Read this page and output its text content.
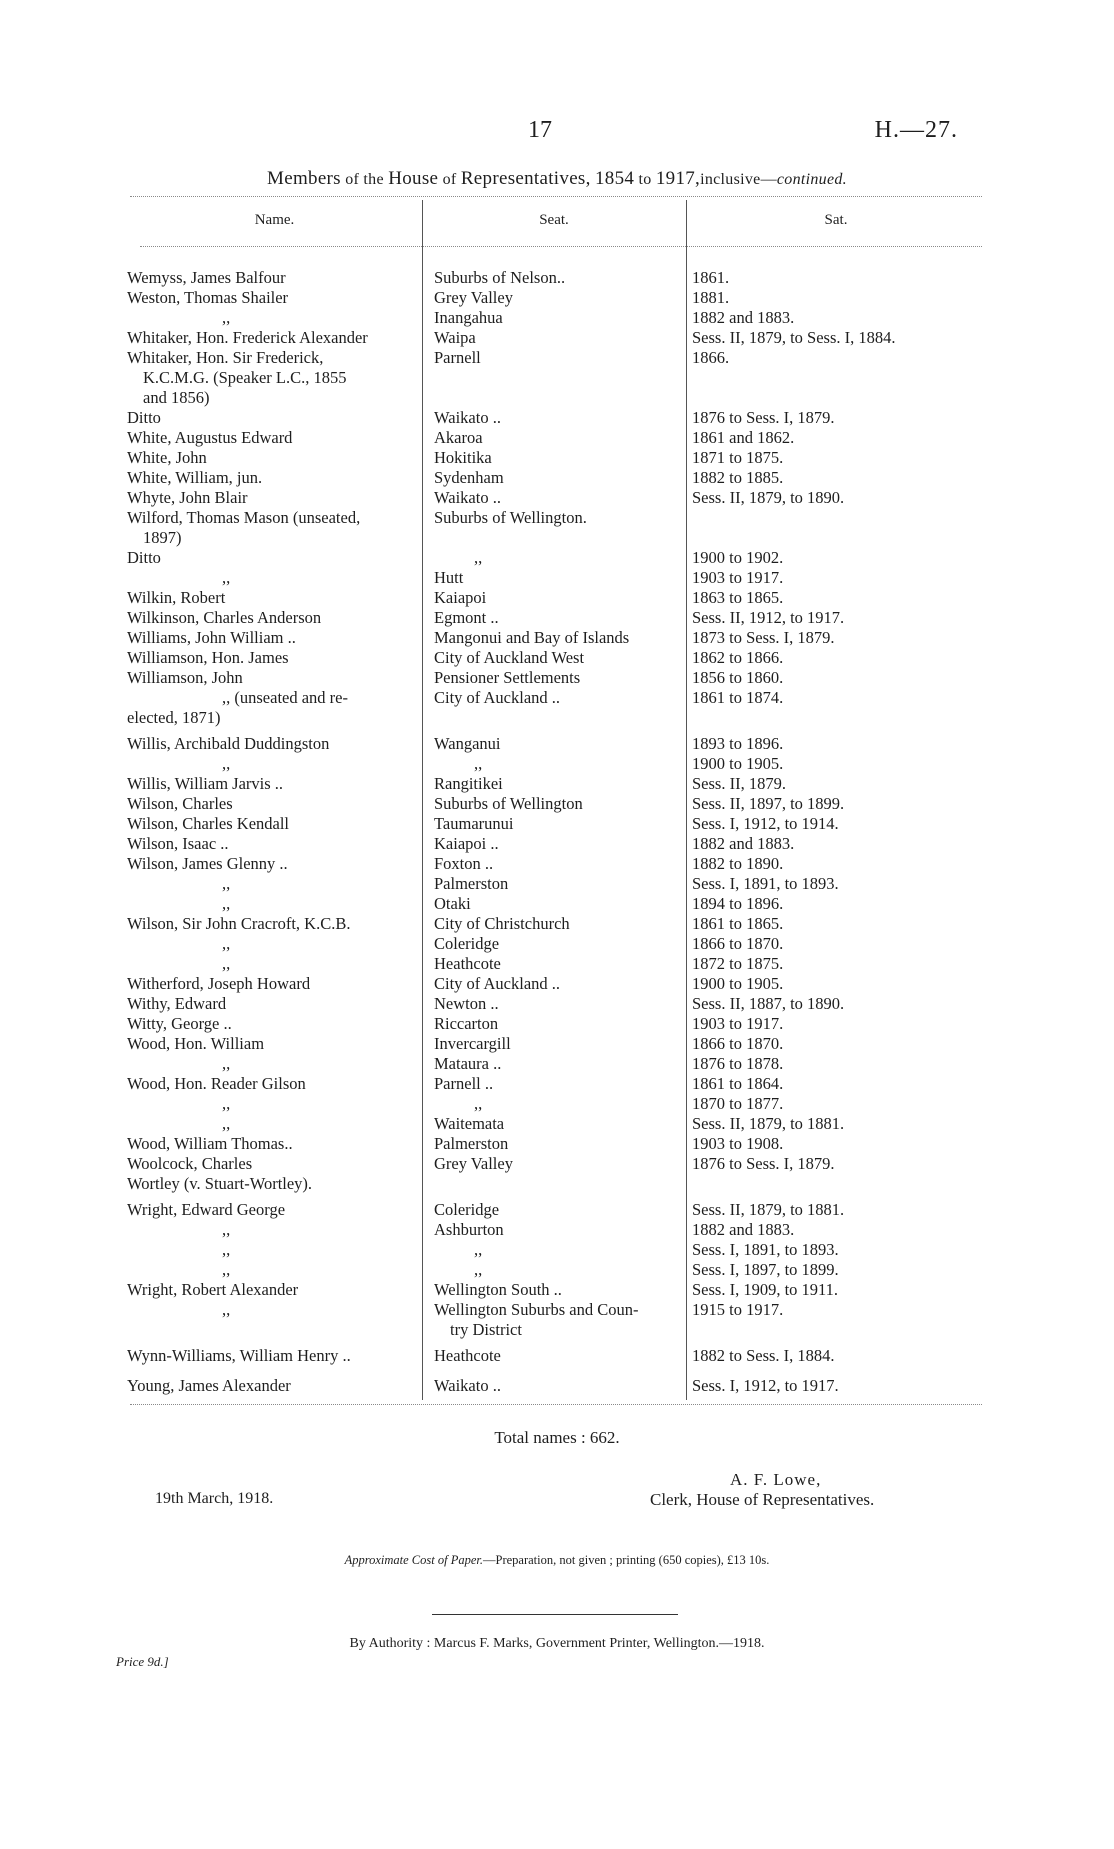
17	H.—27.
Members of the House of Representatives, 1854 to 1917,inclusive—continued.
Name.	Seat.	Sat.
Wemyss, James Balfour	Suburbs of Nelson..	1861.
Weston, Thomas Shailer	Grey Valley	1881.
,,	Inangahua	1882 and 1883.
Whitaker, Hon. Frederick Alexander	Waipa	Sess. II, 1879, to Sess. I, 1884.
Whitaker, Hon. Sir Frederick,	Parnell	1866.
K.C.M.G. (Speaker L.C., 1855
and 1856)
Ditto	Waikato ..	1876 to Sess. I, 1879.
White, Augustus Edward	Akaroa	1861 and 1862.
White, John	Hokitika	1871 to 1875.
White, William, jun.	Sydenham	1882 to 1885.
Whyte, John Blair	Waikato ..	Sess. II, 1879, to 1890.
Wilford, Thomas Mason (unseated,	Suburbs of Wellington.
1897)
Ditto	,,	1900 to 1902.
,,	Hutt	1903 to 1917.
Wilkin, Robert	Kaiapoi	1863 to 1865.
Wilkinson, Charles Anderson	Egmont ..	Sess. II, 1912, to 1917.
Williams, John William ..	Mangonui and Bay of Islands	1873 to Sess. I, 1879.
Williamson, Hon. James	City of Auckland West	1862 to 1866.
Williamson, John	Pensioner Settlements	1856 to 1860.
,, (unseated and re-	City of Auckland ..	1861 to 1874.
elected, 1871)
Willis, Archibald Duddingston	Wanganui	1893 to 1896.
,,	,,	1900 to 1905.
Willis, William Jarvis ..	Rangitikei	Sess. II, 1879.
Wilson, Charles	Suburbs of Wellington	Sess. II, 1897, to 1899.
Wilson, Charles Kendall	Taumarunui	Sess. I, 1912, to 1914.
Wilson, Isaac ..	Kaiapoi ..	1882 and 1883.
Wilson, James Glenny ..	Foxton ..	1882 to 1890.
,,	Palmerston	Sess. I, 1891, to 1893.
,,	Otaki	1894 to 1896.
Wilson, Sir John Cracroft, K.C.B.	City of Christchurch	1861 to 1865.
,,	Coleridge	1866 to 1870.
,,	Heathcote	1872 to 1875.
Witherford, Joseph Howard	City of Auckland ..	1900 to 1905.
Withy, Edward	Newton ..	Sess. II, 1887, to 1890.
Witty, George ..	Riccarton	1903 to 1917.
Wood, Hon. William	Invercargill	1866 to 1870.
,,	Mataura ..	1876 to 1878.
Wood, Hon. Reader Gilson	Parnell ..	1861 to 1864.
,,	,,	1870 to 1877.
,,	Waitemata	Sess. II, 1879, to 1881.
Wood, William Thomas..	Palmerston	1903 to 1908.
Woolcock, Charles	Grey Valley	1876 to Sess. I, 1879.
Wortley (v. Stuart-Wortley).
Wright, Edward George	Coleridge	Sess. II, 1879, to 1881.
,,	Ashburton	1882 and 1883.
,,	,,	Sess. I, 1891, to 1893.
,,	,,	Sess. I, 1897, to 1899.
Wright, Robert Alexander	Wellington South ..	Sess. I, 1909, to 1911.
,,	Wellington Suburbs and Coun-	1915 to 1917.
try District
Wynn-Williams, William Henry ..	Heathcote	1882 to Sess. I, 1884.
Young, James Alexander	Waikato ..	Sess. I, 1912, to 1917.
Total names : 662.
A. F. Lowe,
Clerk, House of Representatives.
19th March, 1918.
Approximate Cost of Paper.—Preparation, not given ; printing (650 copies), £13 10s.
By Authority : Marcus F. Marks, Government Printer, Wellington.—1918.
Price 9d.]
